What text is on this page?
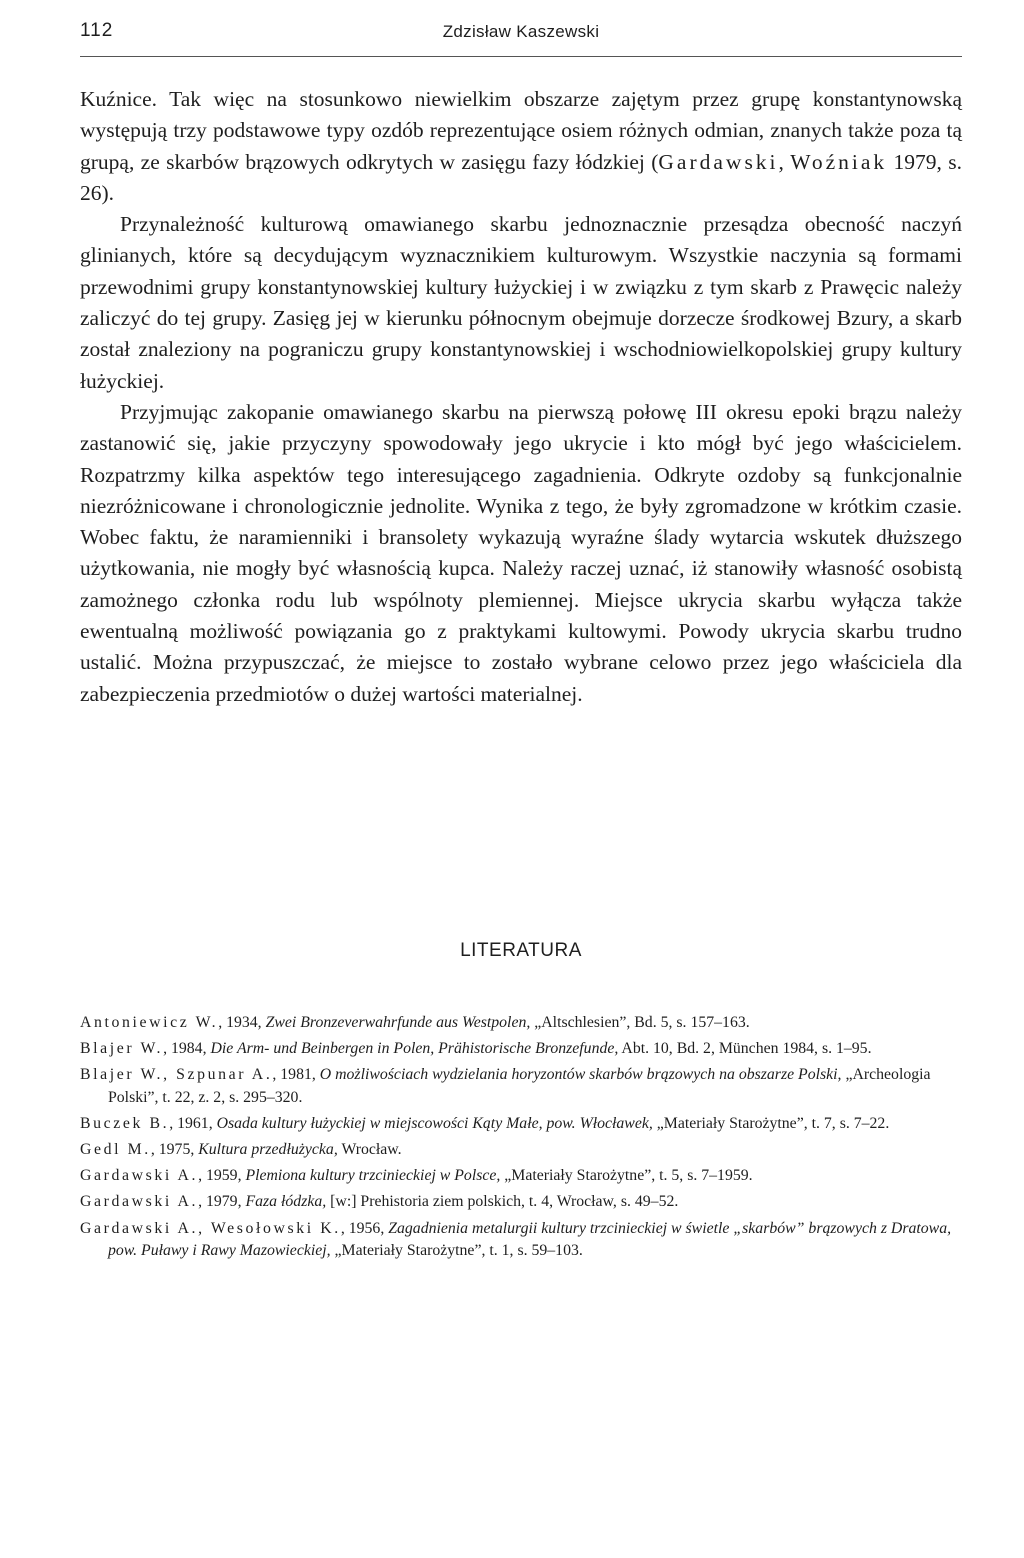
112	Zdzisław Kaszewski

Kuźnice. Tak więc na stosunkowo niewielkim obszarze zajętym przez grupę konstantynowską występują trzy podstawowe typy ozdób reprezentujące osiem różnych odmian, znanych także poza tą grupą, ze skarbów brązowych odkrytych w zasięgu fazy łódzkiej (Gardawski, Woźniak 1979, s. 26).

Przynależność kulturową omawianego skarbu jednoznacznie przesądza obecność naczyń glinianych, które są decydującym wyznacznikiem kulturowym. Wszystkie naczynia są formami przewodnimi grupy konstantynowskiej kultury łużyckiej i w związku z tym skarb z Prawęcic należy zaliczyć do tej grupy. Zasięg jej w kierunku północnym obejmuje dorzecze środkowej Bzury, a skarb został znaleziony na pograniczu grupy konstantynowskiej i wschodniowielkopolskiej grupy kultury łużyckiej.

Przyjmując zakopanie omawianego skarbu na pierwszą połowę III okresu epoki brązu należy zastanowić się, jakie przyczyny spowodowały jego ukrycie i kto mógł być jego właścicielem. Rozpatrzmy kilka aspektów tego interesującego zagadnienia. Odkryte ozdoby są funkcjonalnie niezróżnicowane i chronologicznie jednolite. Wynika z tego, że były zgromadzone w krótkim czasie. Wobec faktu, że naramienniki i bransolety wykazują wyraźne ślady wytarcia wskutek dłuższego użytkowania, nie mogły być własnością kupca. Należy raczej uznać, iż stanowiły własność osobistą zamożnego członka rodu lub wspólnoty plemiennej. Miejsce ukrycia skarbu wyłącza także ewentualną możliwość powiązania go z praktykami kultowymi. Powody ukrycia skarbu trudno ustalić. Można przypuszczać, że miejsce to zostało wybrane celowo przez jego właściciela dla zabezpieczenia przedmiotów o dużej wartości materialnej.

LITERATURA
Antoniewicz W., 1934, Zwei Bronzeverwahrfunde aus Westpolen, „Altschlesien”, Bd. 5, s. 157–163.
Blajer W., 1984, Die Arm- und Beinbergen in Polen, Prähistorische Bronzefunde, Abt. 10, Bd. 2, München 1984, s. 1–95.
Blajer W., Szpunar A., 1981, O możliwościach wydzielania horyzontów skarbów brązowych na obszarze Polski, „Archeologia Polski”, t. 22, z. 2, s. 295–320.
Buczek B., 1961, Osada kultury łużyckiej w miejscowości Kąty Małe, pow. Włocławek, „Materiały Starożytne”, t. 7, s. 7–22.
Gedl M., 1975, Kultura przedłużycka, Wrocław.
Gardawski A., 1959, Plemiona kultury trzcinieckiej w Polsce, „Materiały Starożytne”, t. 5, s. 7–1959.
Gardawski A., 1979, Faza łódzka, [w:] Prehistoria ziem polskich, t. 4, Wrocław, s. 49–52.
Gardawski A., Wesołowski K., 1956, Zagadnienia metalurgii kultury trzcinieckiej w świetle „skarbów” brązowych z Dratowa, pow. Puławy i Rawy Mazowieckiej, „Materiały Starożytne”, t. 1, s. 59–103.
